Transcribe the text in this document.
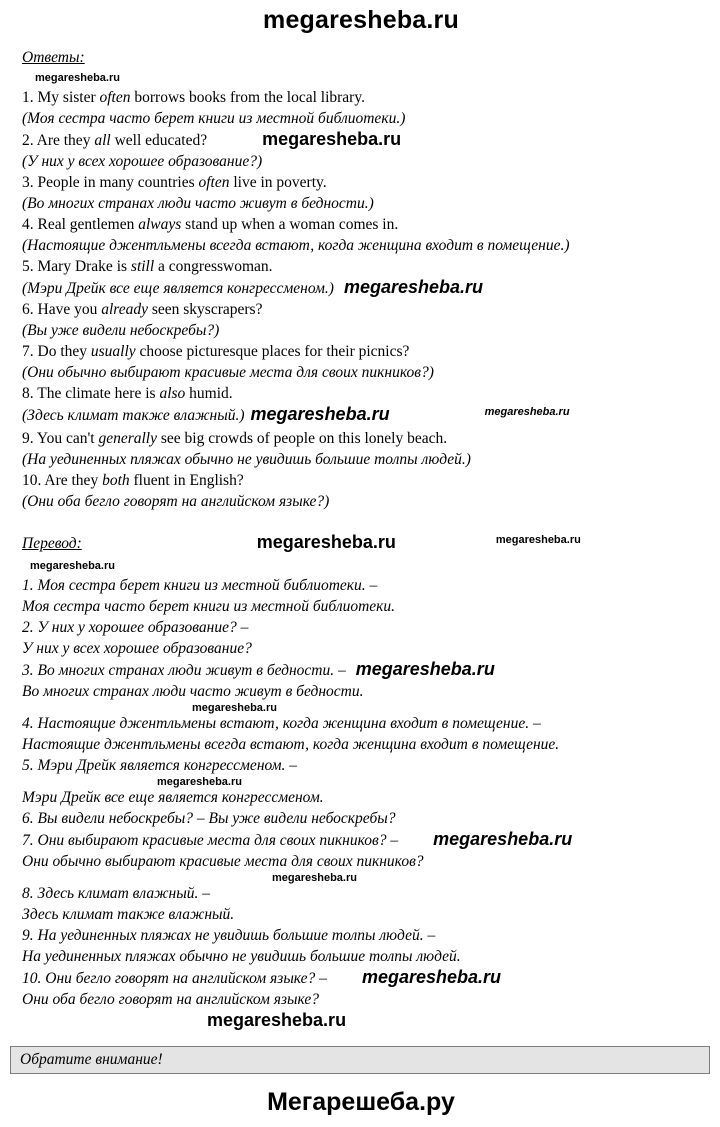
megaresheba.ru
Ответы:
megaresheba.ru
1. My sister often borrows books from the local library.
(Моя сестра часто берет книги из местной библиотеки.)
2. Are they all well educated?	megaresheba.ru
(У них у всех хорошее образование?)
3. People in many countries often live in poverty.
(Во многих странах люди часто живут в бедности.)
4. Real gentlemen always stand up when a woman comes in.
(Настоящие джентльмены всегда встают, когда женщина входит в помещение.)
5. Mary Drake is still a congresswoman.
(Мэри Дрейк все еще является конгрессменом.) megaresheba.ru
6. Have you already seen skyscrapers?
(Вы уже видели небоскребы?)
7. Do they usually choose picturesque places for their picnics?
(Они обычно выбирают красивые места для своих пикников?)
8. The climate here is also humid.
(Здесь климат также влажный.) megaresheba.ru	$^{megaresheba.ru}$
9. You can't generally see big crowds of people on this lonely beach.
(На уединенных пляжах обычно не увидишь большие толпы людей.)
10. Are they both fluent in English?
(Они оба бегло говорят на английском языке?)
Перевод:	megaresheba.ru	$^{megaresheba.ru}$
megaresheba.ru
1. Моя сестра берет книги из местной библиотеки. –
Моя сестра часто берет книги из местной библиотеки.
2. У них у хорошее образование? –
У них у всех хорошее образование?
3. Во многих странах люди живут в бедности. – megaresheba.ru
Во многих странах люди часто живут в бедности.
megaresheba.ru
4. Настоящие джентльмены встают, когда женщина входит в помещение. –
Настоящие джентльмены всегда встают, когда женщина входит в помещение.
5. Мэри Дрейк является конгрессменом. –
megaresheba.ru
Мэри Дрейк все еще является конгрессменом.
6. Вы видели небоскребы? – Вы уже видели небоскребы?
7. Они выбирают красивые места для своих пикников? – megaresheba.ru
Они обычно выбирают красивые места для своих пикников?
megaresheba.ru
8. Здесь климат влажный. –
Здесь климат также влажный.
9. На уединенных пляжах не увидишь большие толпы людей. –
На уединенных пляжах обычно не увидишь большие толпы людей.
10. Они бегло говорят на английском языке? – megaresheba.ru
Они оба бегло говорят на английском языке?
megaresheba.ru
Обратите внимание!
Мегарешеба.ру
